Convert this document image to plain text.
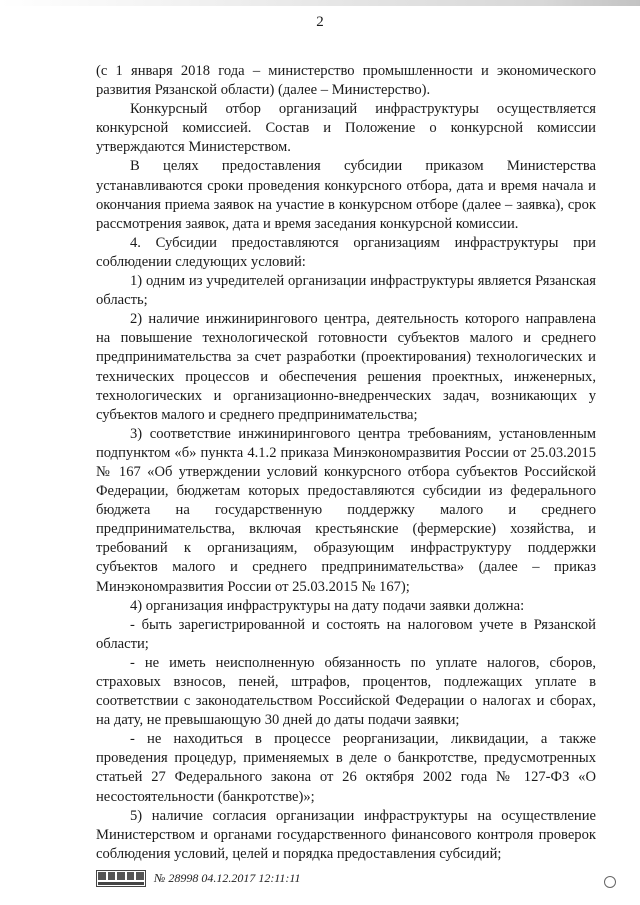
2

(с 1 января 2018 года – министерство промышленности и экономического развития Рязанской области) (далее – Министерство).

Конкурсный отбор организаций инфраструктуры осуществляется конкурсной комиссией. Состав и Положение о конкурсной комиссии утверждаются Министерством.

В целях предоставления субсидии приказом Министерства устанавливаются сроки проведения конкурсного отбора, дата и время начала и окончания приема заявок на участие в конкурсном отборе (далее – заявка), срок рассмотрения заявок, дата и время заседания конкурсной комиссии.

4. Субсидии предоставляются организациям инфраструктуры при соблюдении следующих условий:

1) одним из учредителей организации инфраструктуры является Рязанская область;

2) наличие инжинирингового центра, деятельность которого направлена на повышение технологической готовности субъектов малого и среднего предпринимательства за счет разработки (проектирования) технологических и технических процессов и обеспечения решения проектных, инженерных, технологических и организационно-внедренческих задач, возникающих у субъектов малого и среднего предпринимательства;

3) соответствие инжинирингового центра требованиям, установленным подпунктом «б» пункта 4.1.2 приказа Минэкономразвития России от 25.03.2015 № 167 «Об утверждении условий конкурсного отбора субъектов Российской Федерации, бюджетам которых предоставляются субсидии из федерального бюджета на государственную поддержку малого и среднего предпринимательства, включая крестьянские (фермерские) хозяйства, и требований к организациям, образующим инфраструктуру поддержки субъектов малого и среднего предпринимательства» (далее – приказ Минэкономразвития России от 25.03.2015 № 167);

4) организация инфраструктуры на дату подачи заявки должна:

- быть зарегистрированной и состоять на налоговом учете в Рязанской области;

- не иметь неисполненную обязанность по уплате налогов, сборов, страховых взносов, пеней, штрафов, процентов, подлежащих уплате в соответствии с законодательством Российской Федерации о налогах и сборах, на дату, не превышающую 30 дней до даты подачи заявки;

- не находиться в процессе реорганизации, ликвидации, а также проведения процедур, применяемых в деле о банкротстве, предусмотренных статьей 27 Федерального закона от 26 октября 2002 года № 127-ФЗ «О несостоятельности (банкротстве)»;

5) наличие согласия организации инфраструктуры на осуществление Министерством и органами государственного финансового контроля проверок соблюдения условий, целей и порядка предоставления субсидий;

№ 28998 04.12.2017 12:11:11
